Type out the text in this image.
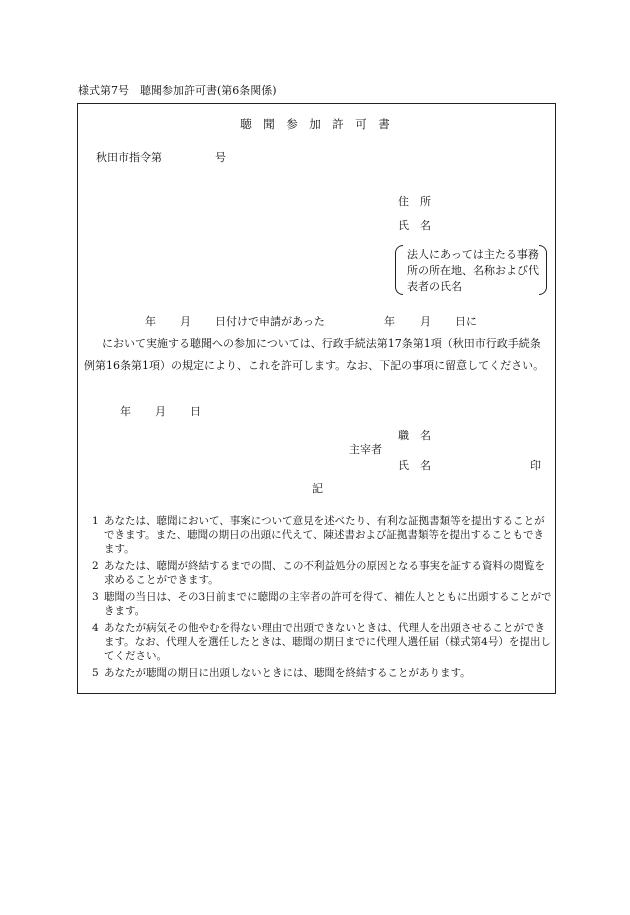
様式第7号　聴聞参加許可書(第6条関係)
聴　聞　参　加　許　可　書
秋田市指令第	号
住　所
氏　名
法人にあっては主たる事務所の所在地、名称および代表者の氏名
年 月 日付けで申請があった	年 月 日に
において実施する聴聞への参加については、行政手続法第17条第1項（秋田市行政手続条例第16条第1項）の規定により、これを許可します。なお、下記の事項に留意してください。
年 月 日
職　名
主宰者
氏　名	印
記
1 あなたは、聴聞において、事案について意見を述べたり、有利な証拠書類等を提出することができます。また、聴聞の期日の出頭に代えて、陳述書および証拠書類等を提出することもできます。
2 あなたは、聴聞が終結するまでの間、この不利益処分の原因となる事実を証する資料の閲覧を求めることができます。
3 聴聞の当日は、その3日前までに聴聞の主宰者の許可を得て、補佐人とともに出頭することができます。
4 あなたが病気その他やむを得ない理由で出頭できないときは、代理人を出頭させることができます。なお、代理人を選任したときは、聴聞の期日までに代理人選任届（様式第4号）を提出してください。
5 あなたが聴聞の期日に出頭しないときには、聴聞を終結することがあります。
